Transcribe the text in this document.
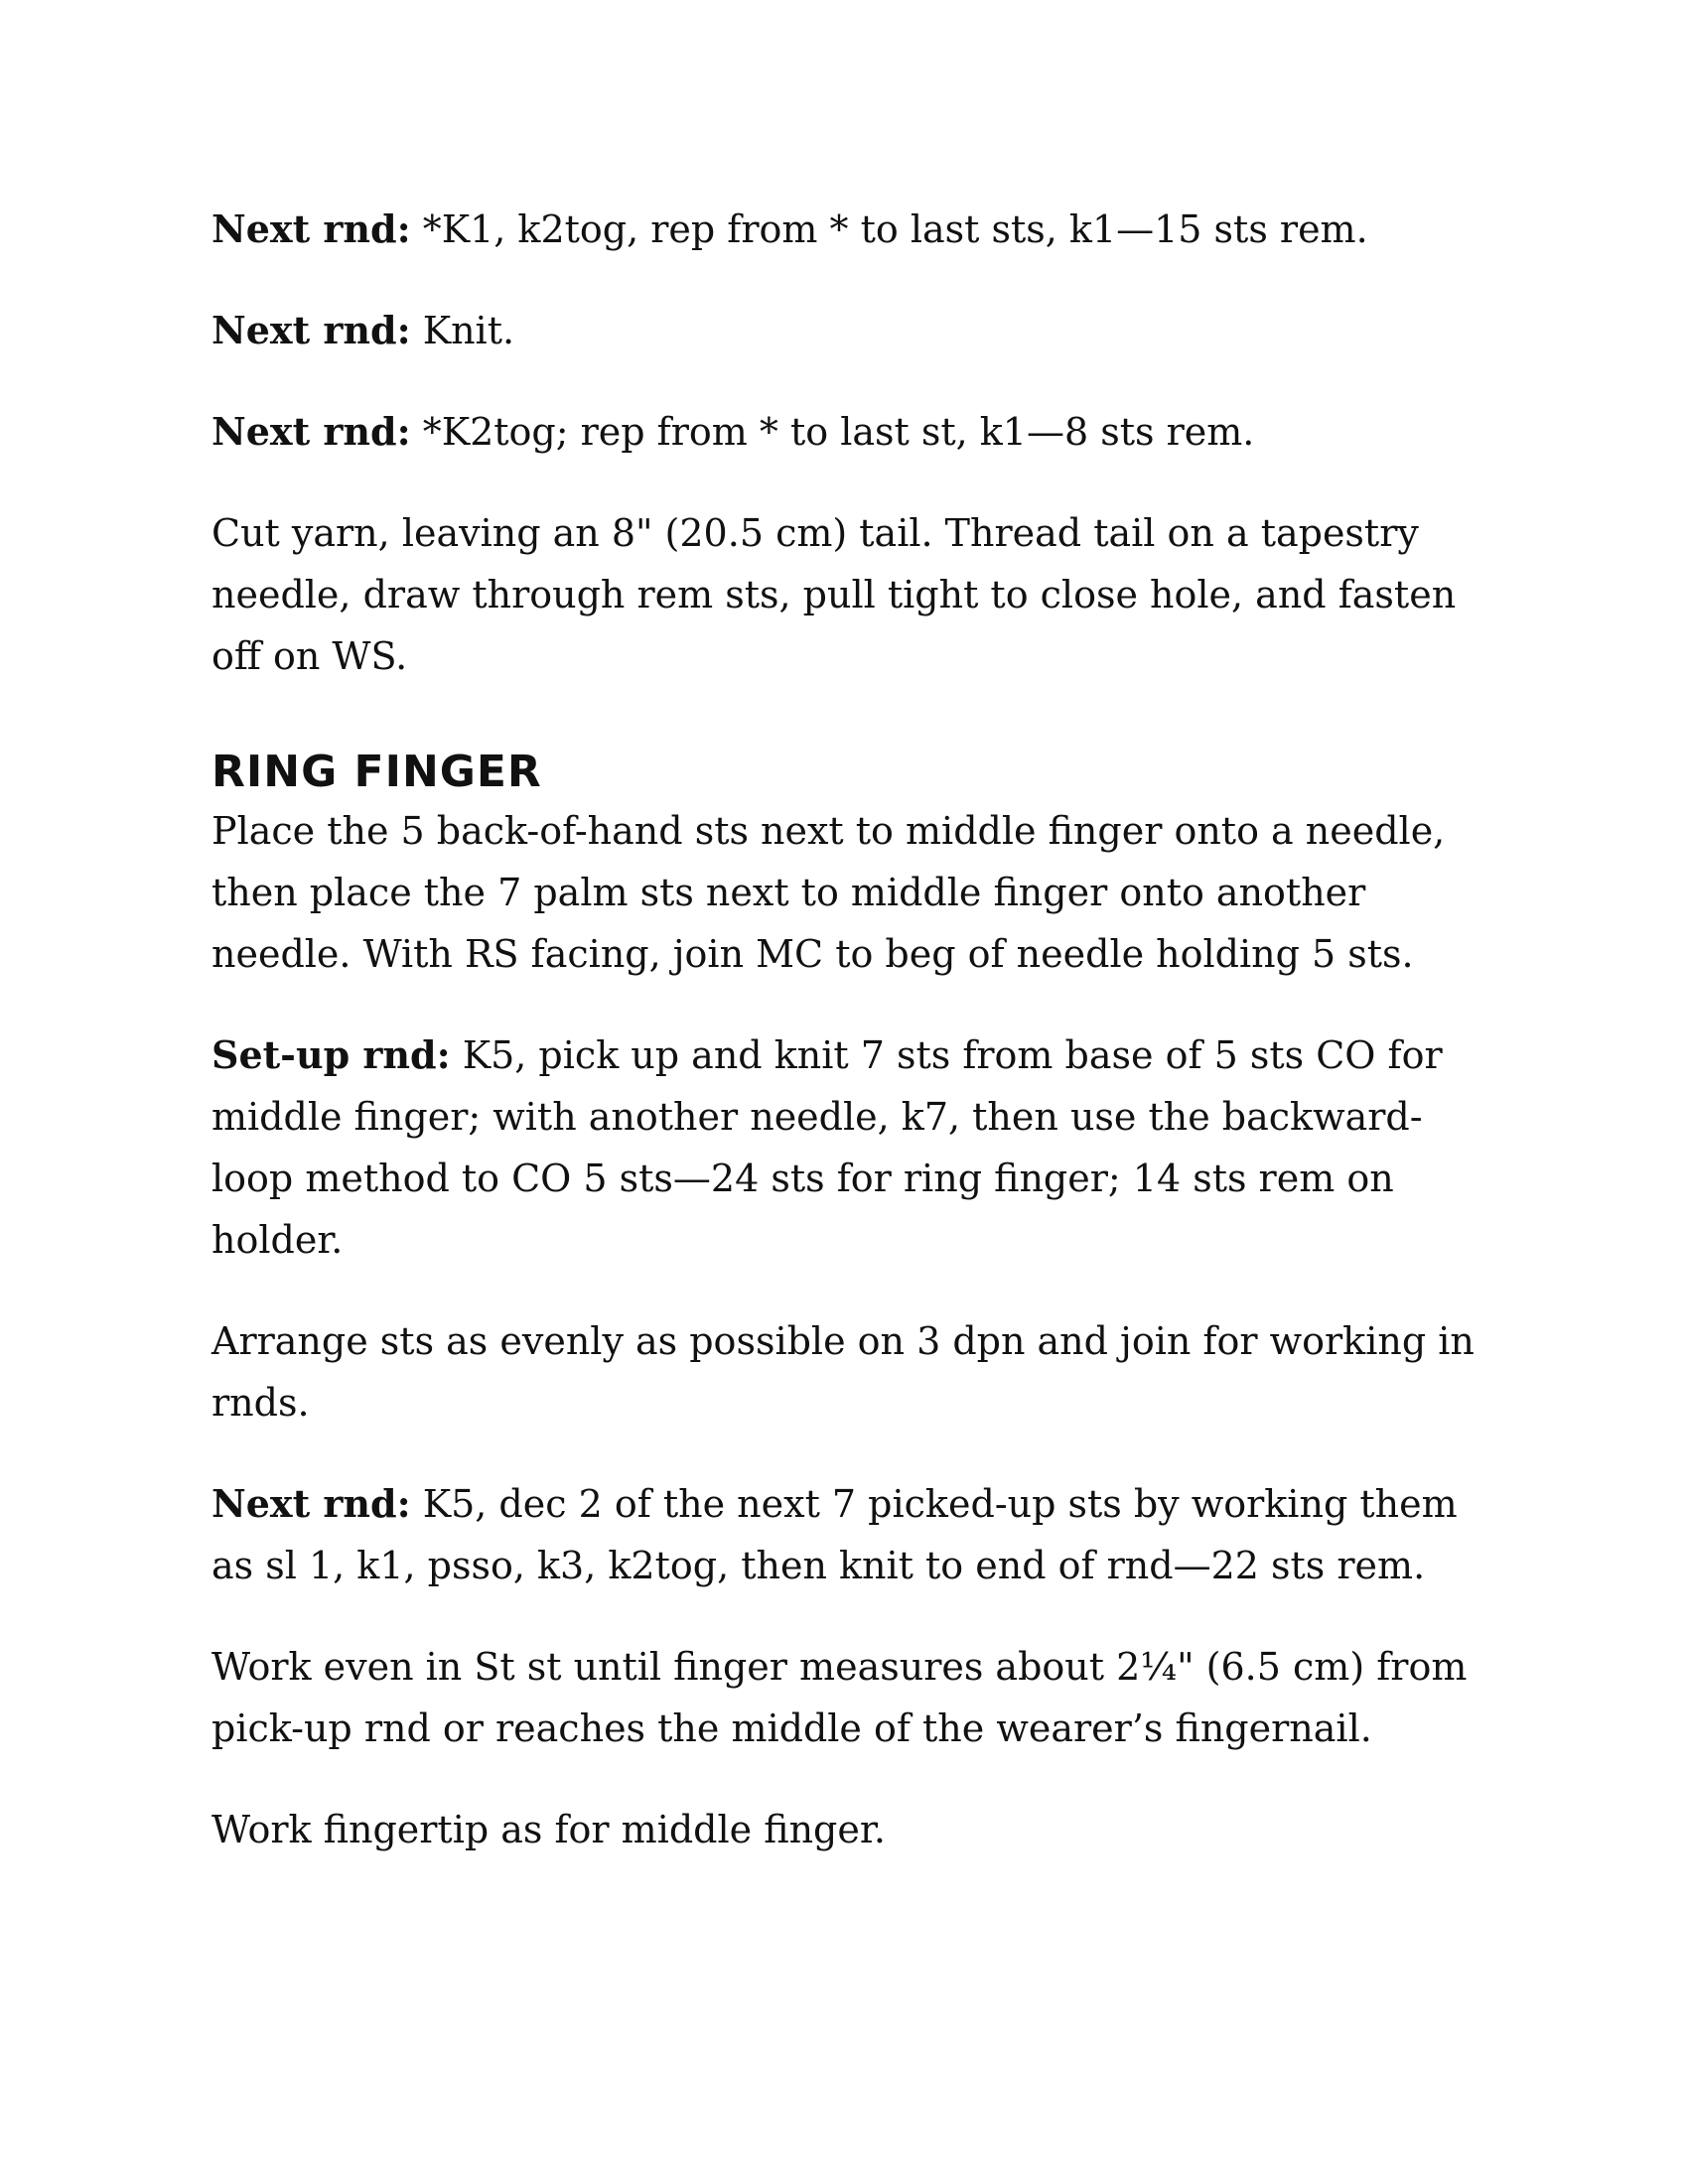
Next rnd: *K1, k2tog, rep from * to last sts, k1—15 sts rem.

Next rnd: Knit.

Next rnd: *K2tog; rep from * to last st, k1—8 sts rem.

Cut yarn, leaving an 8" (20.5 cm) tail. Thread tail on a tapestry needle, draw through rem sts, pull tight to close hole, and fasten off on WS.

RING FINGER

Place the 5 back-of-hand sts next to middle finger onto a needle, then place the 7 palm sts next to middle finger onto another needle. With RS facing, join MC to beg of needle holding 5 sts.

Set-up rnd: K5, pick up and knit 7 sts from base of 5 sts CO for middle finger; with another needle, k7, then use the backward-loop method to CO 5 sts—24 sts for ring finger; 14 sts rem on holder.

Arrange sts as evenly as possible on 3 dpn and join for working in rnds.

Next rnd: K5, dec 2 of the next 7 picked-up sts by working them as sl 1, k1, psso, k3, k2tog, then knit to end of rnd—22 sts rem.

Work even in St st until finger measures about 2¼" (6.5 cm) from pick-up rnd or reaches the middle of the wearer’s fingernail.

Work fingertip as for middle finger.
